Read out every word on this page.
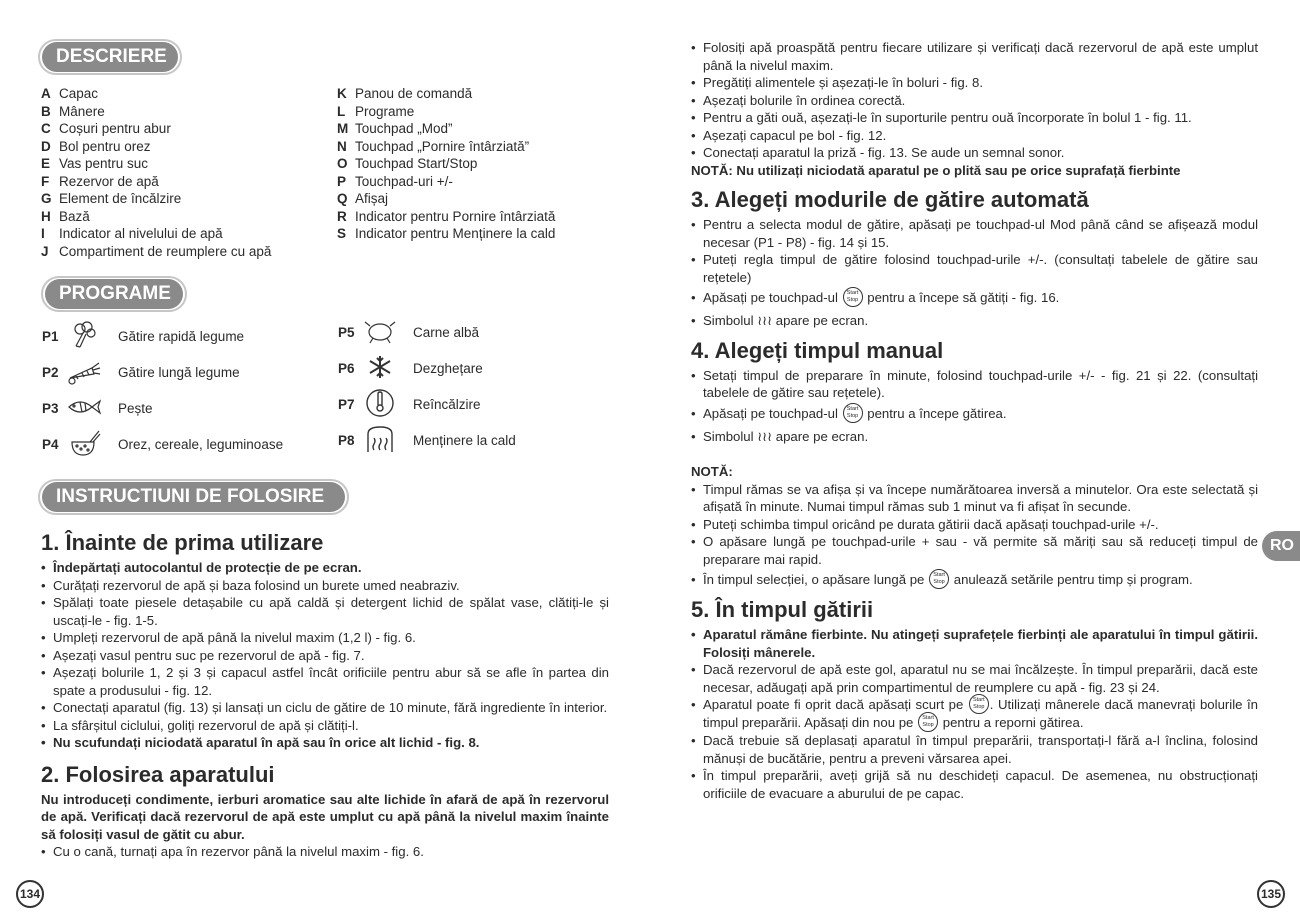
DESCRIERE
A Capac
B Mânere
C Coșuri pentru abur
D Bol pentru orez
E Vas pentru suc
F Rezervor de apă
G Element de încălzire
H Bază
I	Indicator al nivelului de apă
J Compartiment de reumplere cu apă
K Panou de comandă
L Programe
M Touchpad „Mod”
N Touchpad „Pornire întârziată”
O Touchpad Start/Stop
P Touchpad-uri +/-
Q Afișaj
R Indicator pentru Pornire întârziată
S Indicator pentru Menținere la cald
PROGRAME
P1	Gătire rapidă legume
P2	Gătire lungă legume
P3	Pește
P4	Orez, cereale, leguminoase
P5	Carne albă
P6	Dezghețare
P7	Reîncălzire
P8	Menținere la cald
INSTRUCTIUNI DE FOLOSIRE
1. Înainte de prima utilizare

• Îndepărtați autocolantul de protecție de pe ecran.

• Curățați rezervorul de apă și baza folosind un burete umed neabraziv.

• Spălați toate piesele detașabile cu apă caldă și detergent lichid de spălat vase, clătiți-le și uscați-le - fig. 1-5.

• Umpleți rezervorul de apă până la nivelul maxim (1,2 l) - fig. 6.

• Așezați vasul pentru suc pe rezervorul de apă - fig. 7.

• Așezați bolurile 1, 2 și 3 și capacul astfel încât orificiile pentru abur să se afle în partea din spate a produsului - fig. 12.

• Conectați aparatul (fig. 13) și lansați un ciclu de gătire de 10 minute, fără ingrediente în interior.

• La sfârșitul ciclului, goliți rezervorul de apă și clătiți-l.

• Nu scufundați niciodată aparatul în apă sau în orice alt lichid - fig. 8.

2. Folosirea aparatului

Nu introduceți condimente, ierburi aromatice sau alte lichide în afară de apă în rezervorul de apă. Verificați dacă rezervorul de apă este umplut cu apă până la nivelul maxim înainte să folosiți vasul de gătit cu abur.

• Cu o cană, turnați apa în rezervor până la nivelul maxim - fig. 6.

134

• Folosiți apă proaspătă pentru fiecare utilizare și verificați dacă rezervorul de apă este umplut până la nivelul maxim.

• Pregătiți alimentele și așezați-le în boluri - fig. 8.

• Așezați bolurile în ordinea corectă.

• Pentru a găti ouă, așezați-le în suporturile pentru ouă încorporate în bolul 1 - fig. 11.

• Așezați capacul pe bol - fig. 12.

• Conectați aparatul la priză - fig. 13. Se aude un semnal sonor.

NOTĂ: Nu utilizați niciodată aparatul pe o plită sau pe orice suprafață fierbinte

3. Alegeți modurile de gătire automată

• Pentru a selecta modul de gătire, apăsați pe touchpad-ul Mod până când se afișează modul necesar (P1 - P8) - fig. 14 și 15.

• Puteți regla timpul de gătire folosind touchpad-urile +/-. (consultați tabelele de gătire sau rețetele)

• Apăsați pe touchpad-ul Start
Stop pentru a începe să gătiți - fig. 16.

• Simbolul ≀≀≀ apare pe ecran.

4. Alegeți timpul manual

• Setați timpul de preparare în minute, folosind touchpad-urile +/- - fig. 21 și 22. (consultați tabelele de gătire sau rețetele).

• Apăsați pe touchpad-ul Start
Stop pentru a începe gătirea.

• Simbolul ≀≀≀ apare pe ecran.

NOTĂ:

• Timpul rămas se va afișa și va începe numărătoarea inversă a minutelor. Ora este selectată și afișată în minute. Numai timpul rămas sub 1 minut va fi afișat în secunde.

• Puteți schimba timpul oricând pe durata gătirii dacă apăsați touchpad-urile +/-.

• O apăsare lungă pe touchpad-urile + sau - vă permite să măriți sau să reduceți timpul de preparare mai rapid.

• În timpul selecției, o apăsare lungă pe Start
Stop anulează setările pentru timp și program.

5. În timpul gătirii

• Aparatul rămâne fierbinte. Nu atingeți suprafețele fierbinți ale aparatului în timpul gătirii. Folosiți mânerele.

• Dacă rezervorul de apă este gol, aparatul nu se mai încălzește. În timpul preparării, dacă este necesar, adăugați apă prin compartimentul de reumplere cu apă - fig. 23 și 24.

• Aparatul poate fi oprit dacă apăsați scurt pe Start
Stop . Utilizați mânerele dacă manevrați bolurile în timpul preparării. Apăsați din nou pe Start
Stop pentru a reporni gătirea.

• Dacă trebuie să deplasați aparatul în timpul preparării, transportați-l fără a-l înclina, folosind mănuși de bucătărie, pentru a preveni vărsarea apei.

• În timpul preparării, aveți grijă să nu deschideți capacul. De asemenea, nu obstrucționați orificiile de evacuare a aburului de pe capac.

RO
135
